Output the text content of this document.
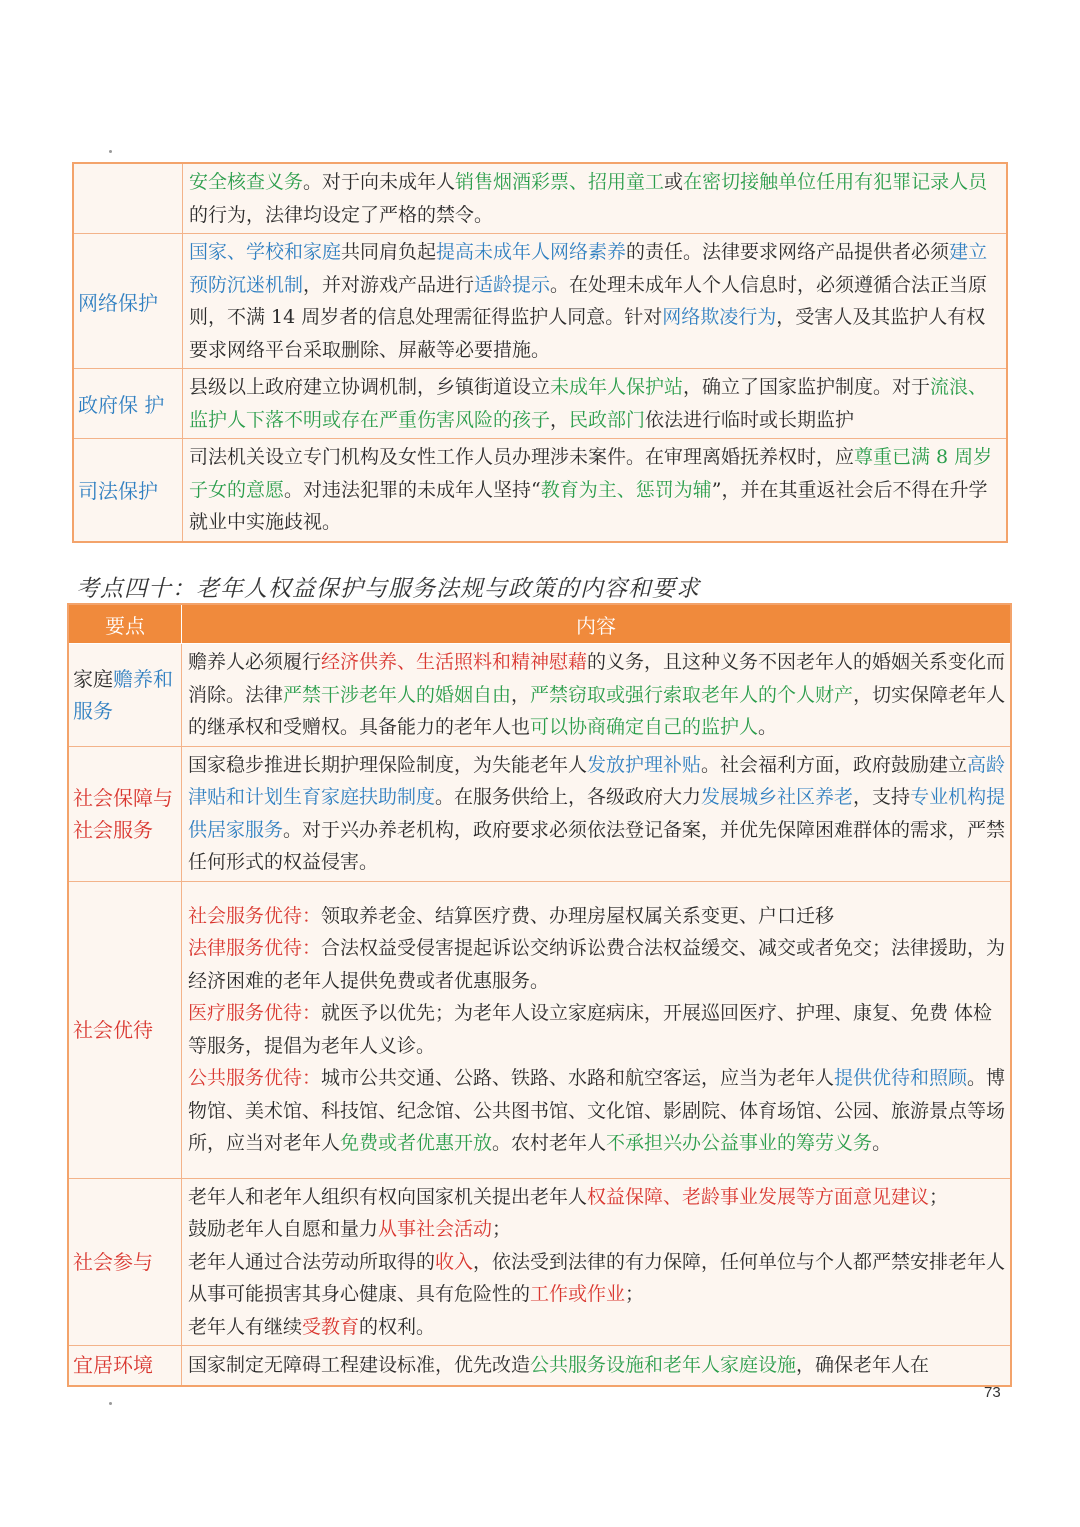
	安全核查义务。对于向未成年人销售烟酒彩票、招用童工或在密切接触单位任用有犯罪记录人员的行为，法律均设定了严格的禁令。
网络保护	国家、学校和家庭共同肩负起提高未成年人网络素养的责任。法律要求网络产品提供者必须建立预防沉迷机制，并对游戏产品进行适龄提示。在处理未成年人个人信息时，必须遵循合法正当原则，不满 14 周岁者的信息处理需征得监护人同意。针对网络欺凌行为，受害人及其监护人有权要求网络平台采取删除、屏蔽等必要措施。
政府保 护	县级以上政府建立协调机制，乡镇街道设立未成年人保护站，确立了国家监护制度。对于流浪、监护人下落不明或存在严重伤害风险的孩子，民政部门依法进行临时或长期监护
司法保护	司法机关设立专门机构及女性工作人员办理涉未案件。在审理离婚抚养权时，应尊重已满 8 周岁子女的意愿。对违法犯罪的未成年人坚持“教育为主、惩罚为辅”，并在其重返社会后不得在升学就业中实施歧视。
考点四十：老年人权益保护与服务法规与政策的内容和要求
要点	内容
家庭赡养和服务	赡养人必须履行经济供养、生活照料和精神慰藉的义务，且这种义务不因老年人的婚姻关系变化而消除。法律严禁干涉老年人的婚姻自由，严禁窃取或强行索取老年人的个人财产，切实保障老年人的继承权和受赠权。具备能力的老年人也可以协商确定自己的监护人。

社会保障与社会服务	国家稳步推进长期护理保险制度，为失能老年人发放护理补贴。社会福利方面，政府鼓励建立高龄津贴和计划生育家庭扶助制度。在服务供给上，各级政府大力发展城乡社区养老，支持专业机构提供居家服务。对于兴办养老机构，政府要求必须依法登记备案，并优先保障困难群体的需求，严禁任何形式的权益侵害。

社会优待	社会服务优待：领取养老金、结算医疗费、办理房屋权属关系变更、户口迁移
法律服务优待：合法权益受侵害提起诉讼交纳诉讼费合法权益缓交、减交或者免交；法律援助，为经济困难的老年人提供免费或者优惠服务。
医疗服务优待：就医予以优先；为老年人设立家庭病床，开展巡回医疗、护理、康复、免费 体检等服务，提倡为老年人义诊。
公共服务优待：城市公共交通、公路、铁路、水路和航空客运，应当为老年人提供优待和照顾。博物馆、美术馆、科技馆、纪念馆、公共图书馆、文化馆、影剧院、体育场馆、公园、旅游景点等场所，应当对老年人免费或者优惠开放。农村老年人不承担兴办公益事业的筹劳义务。

社会参与	老年人和老年人组织有权向国家机关提出老年人权益保障、老龄事业发展等方面意见建议；
鼓励老年人自愿和量力从事社会活动；
老年人通过合法劳动所取得的收入，依法受到法律的有力保障，任何单位与个人都严禁安排老年人从事可能损害其身心健康、具有危险性的工作或作业；
老年人有继续受教育的权利。

宜居环境	国家制定无障碍工程建设标准，优先改造公共服务设施和老年人家庭设施，确保老年人在
73
